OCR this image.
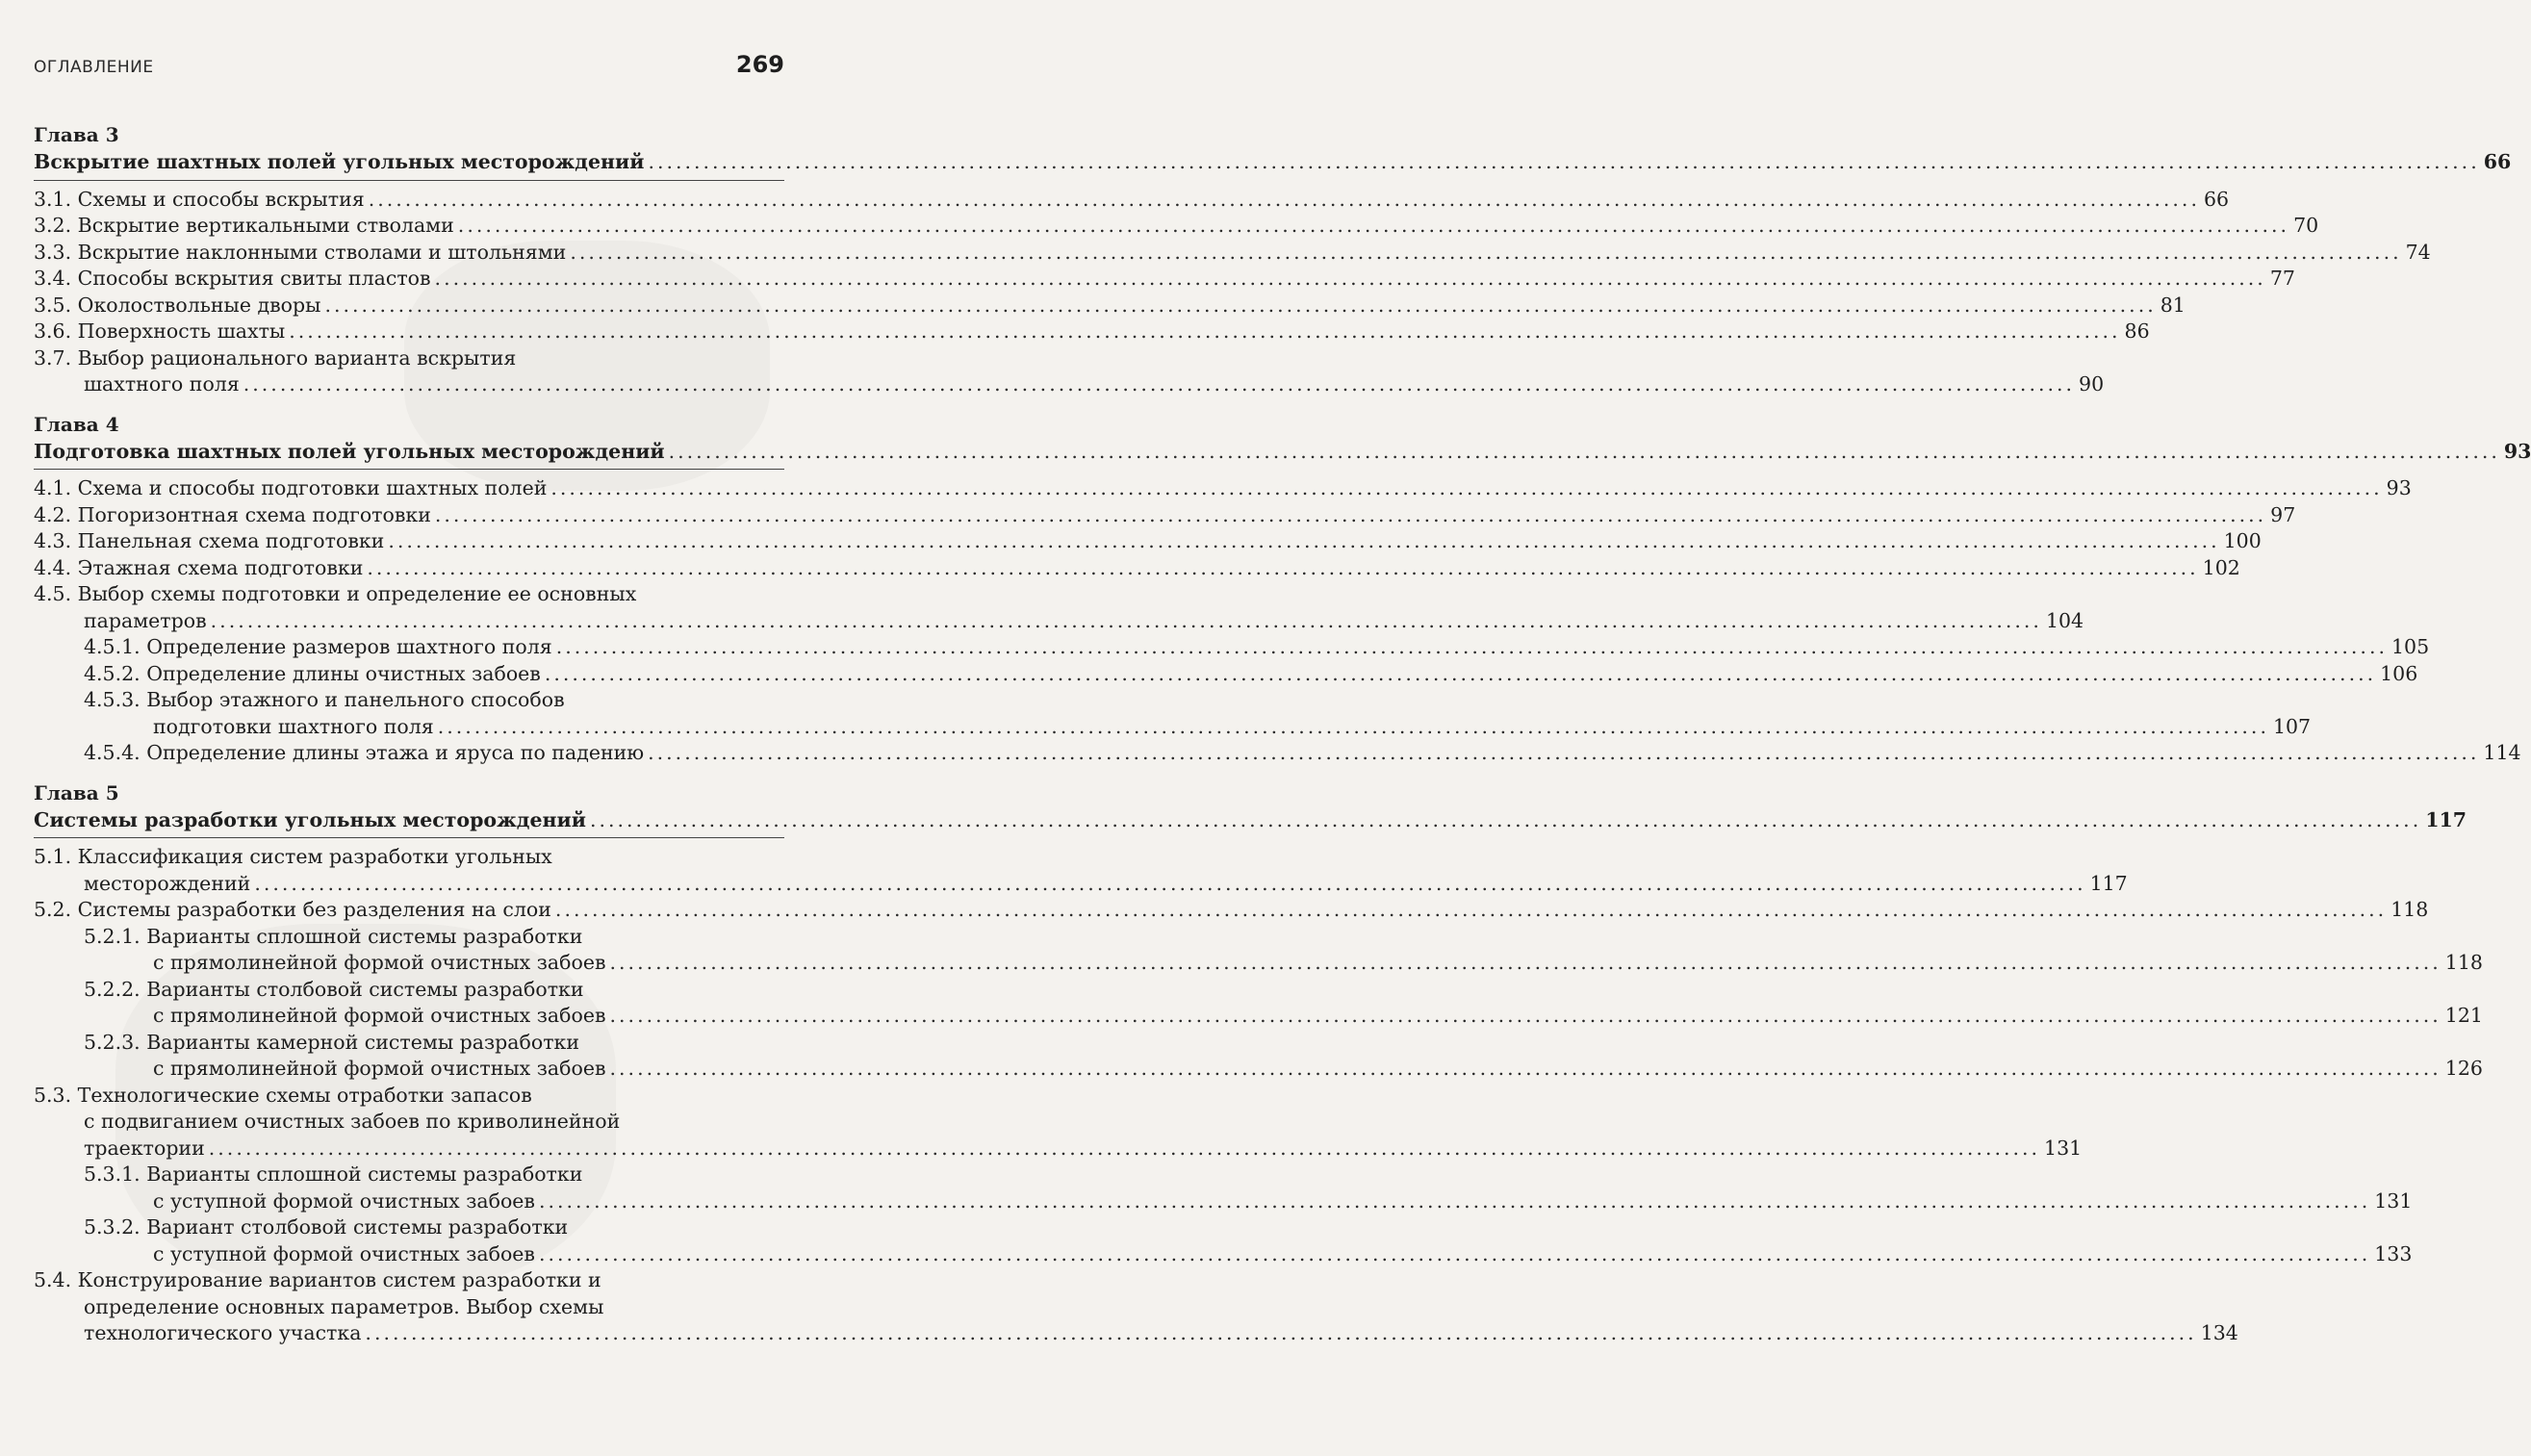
ОГЛАВЛЕНИЕ	269
Глава 3
Вскрытие шахтных полей угольных месторождений ........................................................................................................................................................................................................ 66
3.1. Схемы и способы вскрытия ........................................................................................................................................................................................................ 66
3.2. Вскрытие вертикальными стволами ........................................................................................................................................................................................................ 70
3.3. Вскрытие наклонными стволами и штольнями ........................................................................................................................................................................................................ 74
3.4. Способы вскрытия свиты пластов ........................................................................................................................................................................................................ 77
3.5. Околоствольные дворы ........................................................................................................................................................................................................ 81
3.6. Поверхность шахты ........................................................................................................................................................................................................ 86
3.7. Выбор рационального варианта вскрытия
шахтного поля ........................................................................................................................................................................................................ 90
Глава 4
Подготовка шахтных полей угольных месторождений ........................................................................................................................................................................................................ 93
4.1. Схема и способы подготовки шахтных полей ........................................................................................................................................................................................................ 93
4.2. Погоризонтная схема подготовки ........................................................................................................................................................................................................ 97
4.3. Панельная схема подготовки ........................................................................................................................................................................................................ 100
4.4. Этажная схема подготовки ........................................................................................................................................................................................................ 102
4.5. Выбор схемы подготовки и определение ее основных
параметров ........................................................................................................................................................................................................ 104
4.5.1. Определение размеров шахтного поля ........................................................................................................................................................................................................ 105
4.5.2. Определение длины очистных забоев ........................................................................................................................................................................................................ 106
4.5.3. Выбор этажного и панельного способов
подготовки шахтного поля ........................................................................................................................................................................................................ 107
4.5.4. Определение длины этажа и яруса по падению ........................................................................................................................................................................................................ 114
Глава 5
Системы разработки угольных месторождений ........................................................................................................................................................................................................ 117
5.1. Классификация систем разработки угольных
месторождений ........................................................................................................................................................................................................ 117
5.2. Системы разработки без разделения на слои ........................................................................................................................................................................................................ 118
5.2.1. Варианты сплошной системы разработки
с прямолинейной формой очистных забоев ........................................................................................................................................................................................................ 118
5.2.2. Варианты столбовой системы разработки
с прямолинейной формой очистных забоев ........................................................................................................................................................................................................ 121
5.2.3. Варианты камерной системы разработки
с прямолинейной формой очистных забоев ........................................................................................................................................................................................................ 126
5.3. Технологические схемы отработки запасов
с подвиганием очистных забоев по криволинейной
траектории ........................................................................................................................................................................................................ 131
5.3.1. Варианты сплошной системы разработки
с уступной формой очистных забоев ........................................................................................................................................................................................................ 131
5.3.2. Вариант столбовой системы разработки
с уступной формой очистных забоев ........................................................................................................................................................................................................ 133
5.4. Конструирование вариантов систем разработки и
определение основных параметров. Выбор схемы
технологического участка ........................................................................................................................................................................................................ 134
